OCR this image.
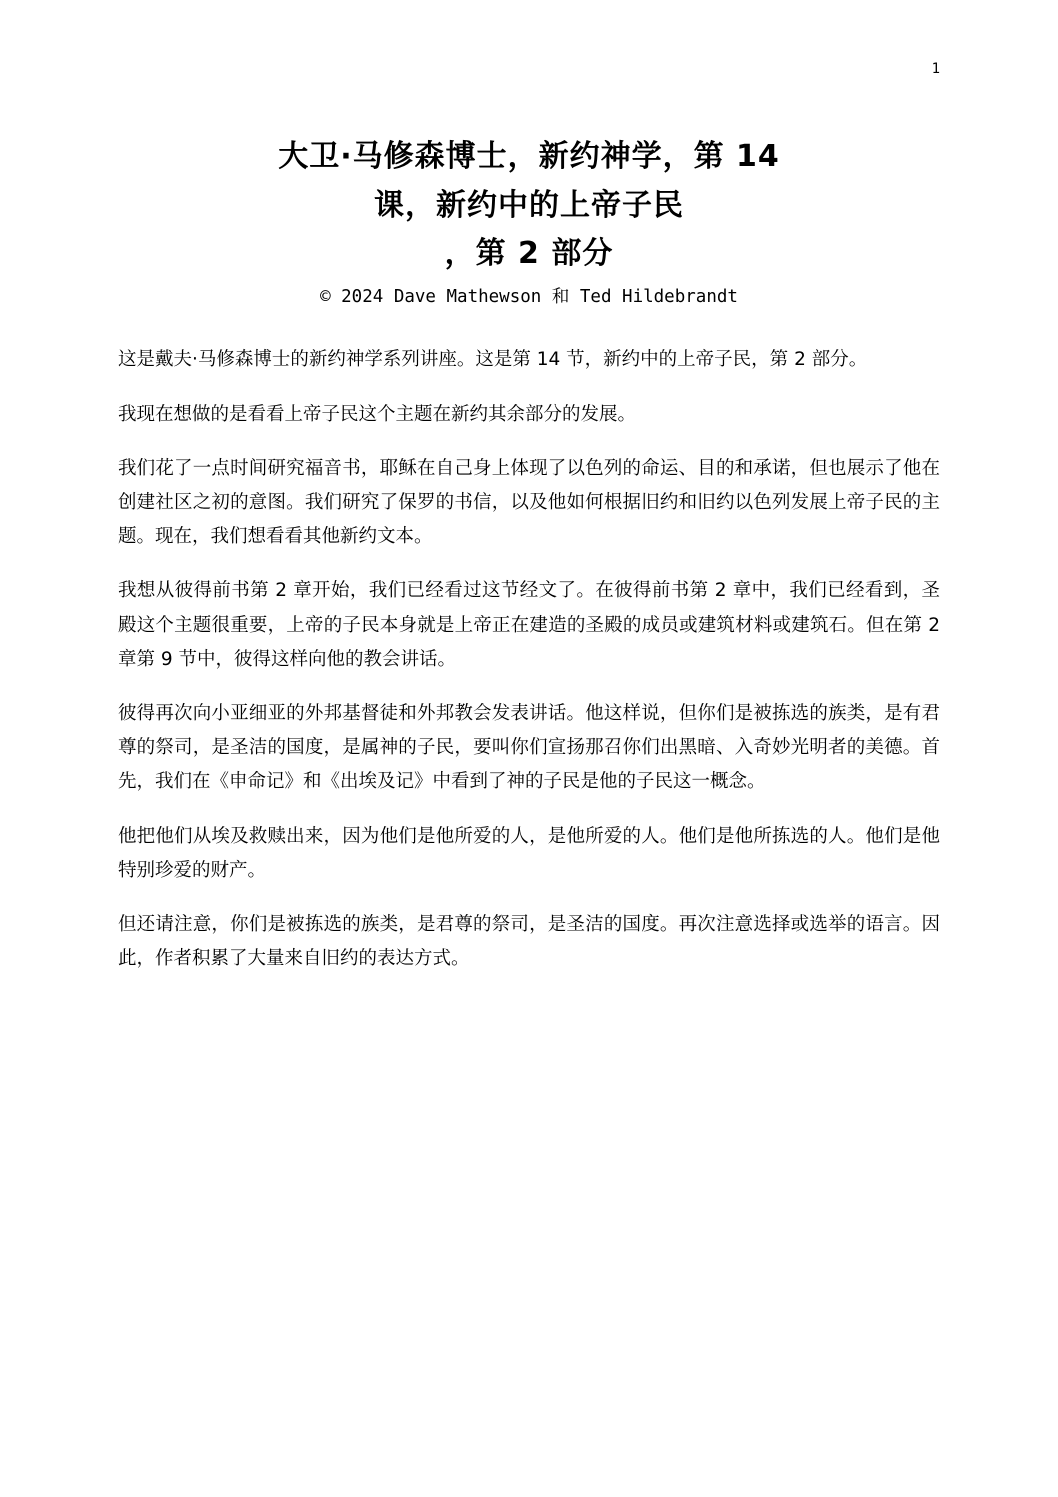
1
大卫·马修森博士，新约神学，第 14
课，新约中的上帝子民
，第 2 部分
© 2024 Dave Mathewson 和 Ted Hildebrandt

这是戴夫·马修森博士的新约神学系列讲座。这是第 14 节，新约中的上帝子民，第 2 部分。

我现在想做的是看看上帝子民这个主题在新约其余部分的发展。

我们花了一点时间研究福音书，耶稣在自己身上体现了以色列的命运、目的和承诺，但也展示了他在创建社区之初的意图。我们研究了保罗的书信，以及他如何根据旧约和旧约以色列发展上帝子民的主题。现在，我们想看看其他新约文本。

我想从彼得前书第 2 章开始，我们已经看过这节经文了。在彼得前书第 2 章中，我们已经看到，圣殿这个主题很重要，上帝的子民本身就是上帝正在建造的圣殿的成员或建筑材料或建筑石。但在第 2 章第 9 节中，彼得这样向他的教会讲话。

彼得再次向小亚细亚的外邦基督徒和外邦教会发表讲话。他这样说，但你们是被拣选的族类，是有君尊的祭司，是圣洁的国度，是属神的子民，要叫你们宣扬那召你们出黑暗、入奇妙光明者的美德。首先，我们在《申命记》和《出埃及记》中看到了神的子民是他的子民这一概念。

他把他们从埃及救赎出来，因为他们是他所爱的人，是他所爱的人。他们是他所拣选的人。他们是他特别珍爱的财产。

但还请注意，你们是被拣选的族类，是君尊的祭司，是圣洁的国度。再次注意选择或选举的语言。因此，作者积累了大量来自旧约的表达方式。
